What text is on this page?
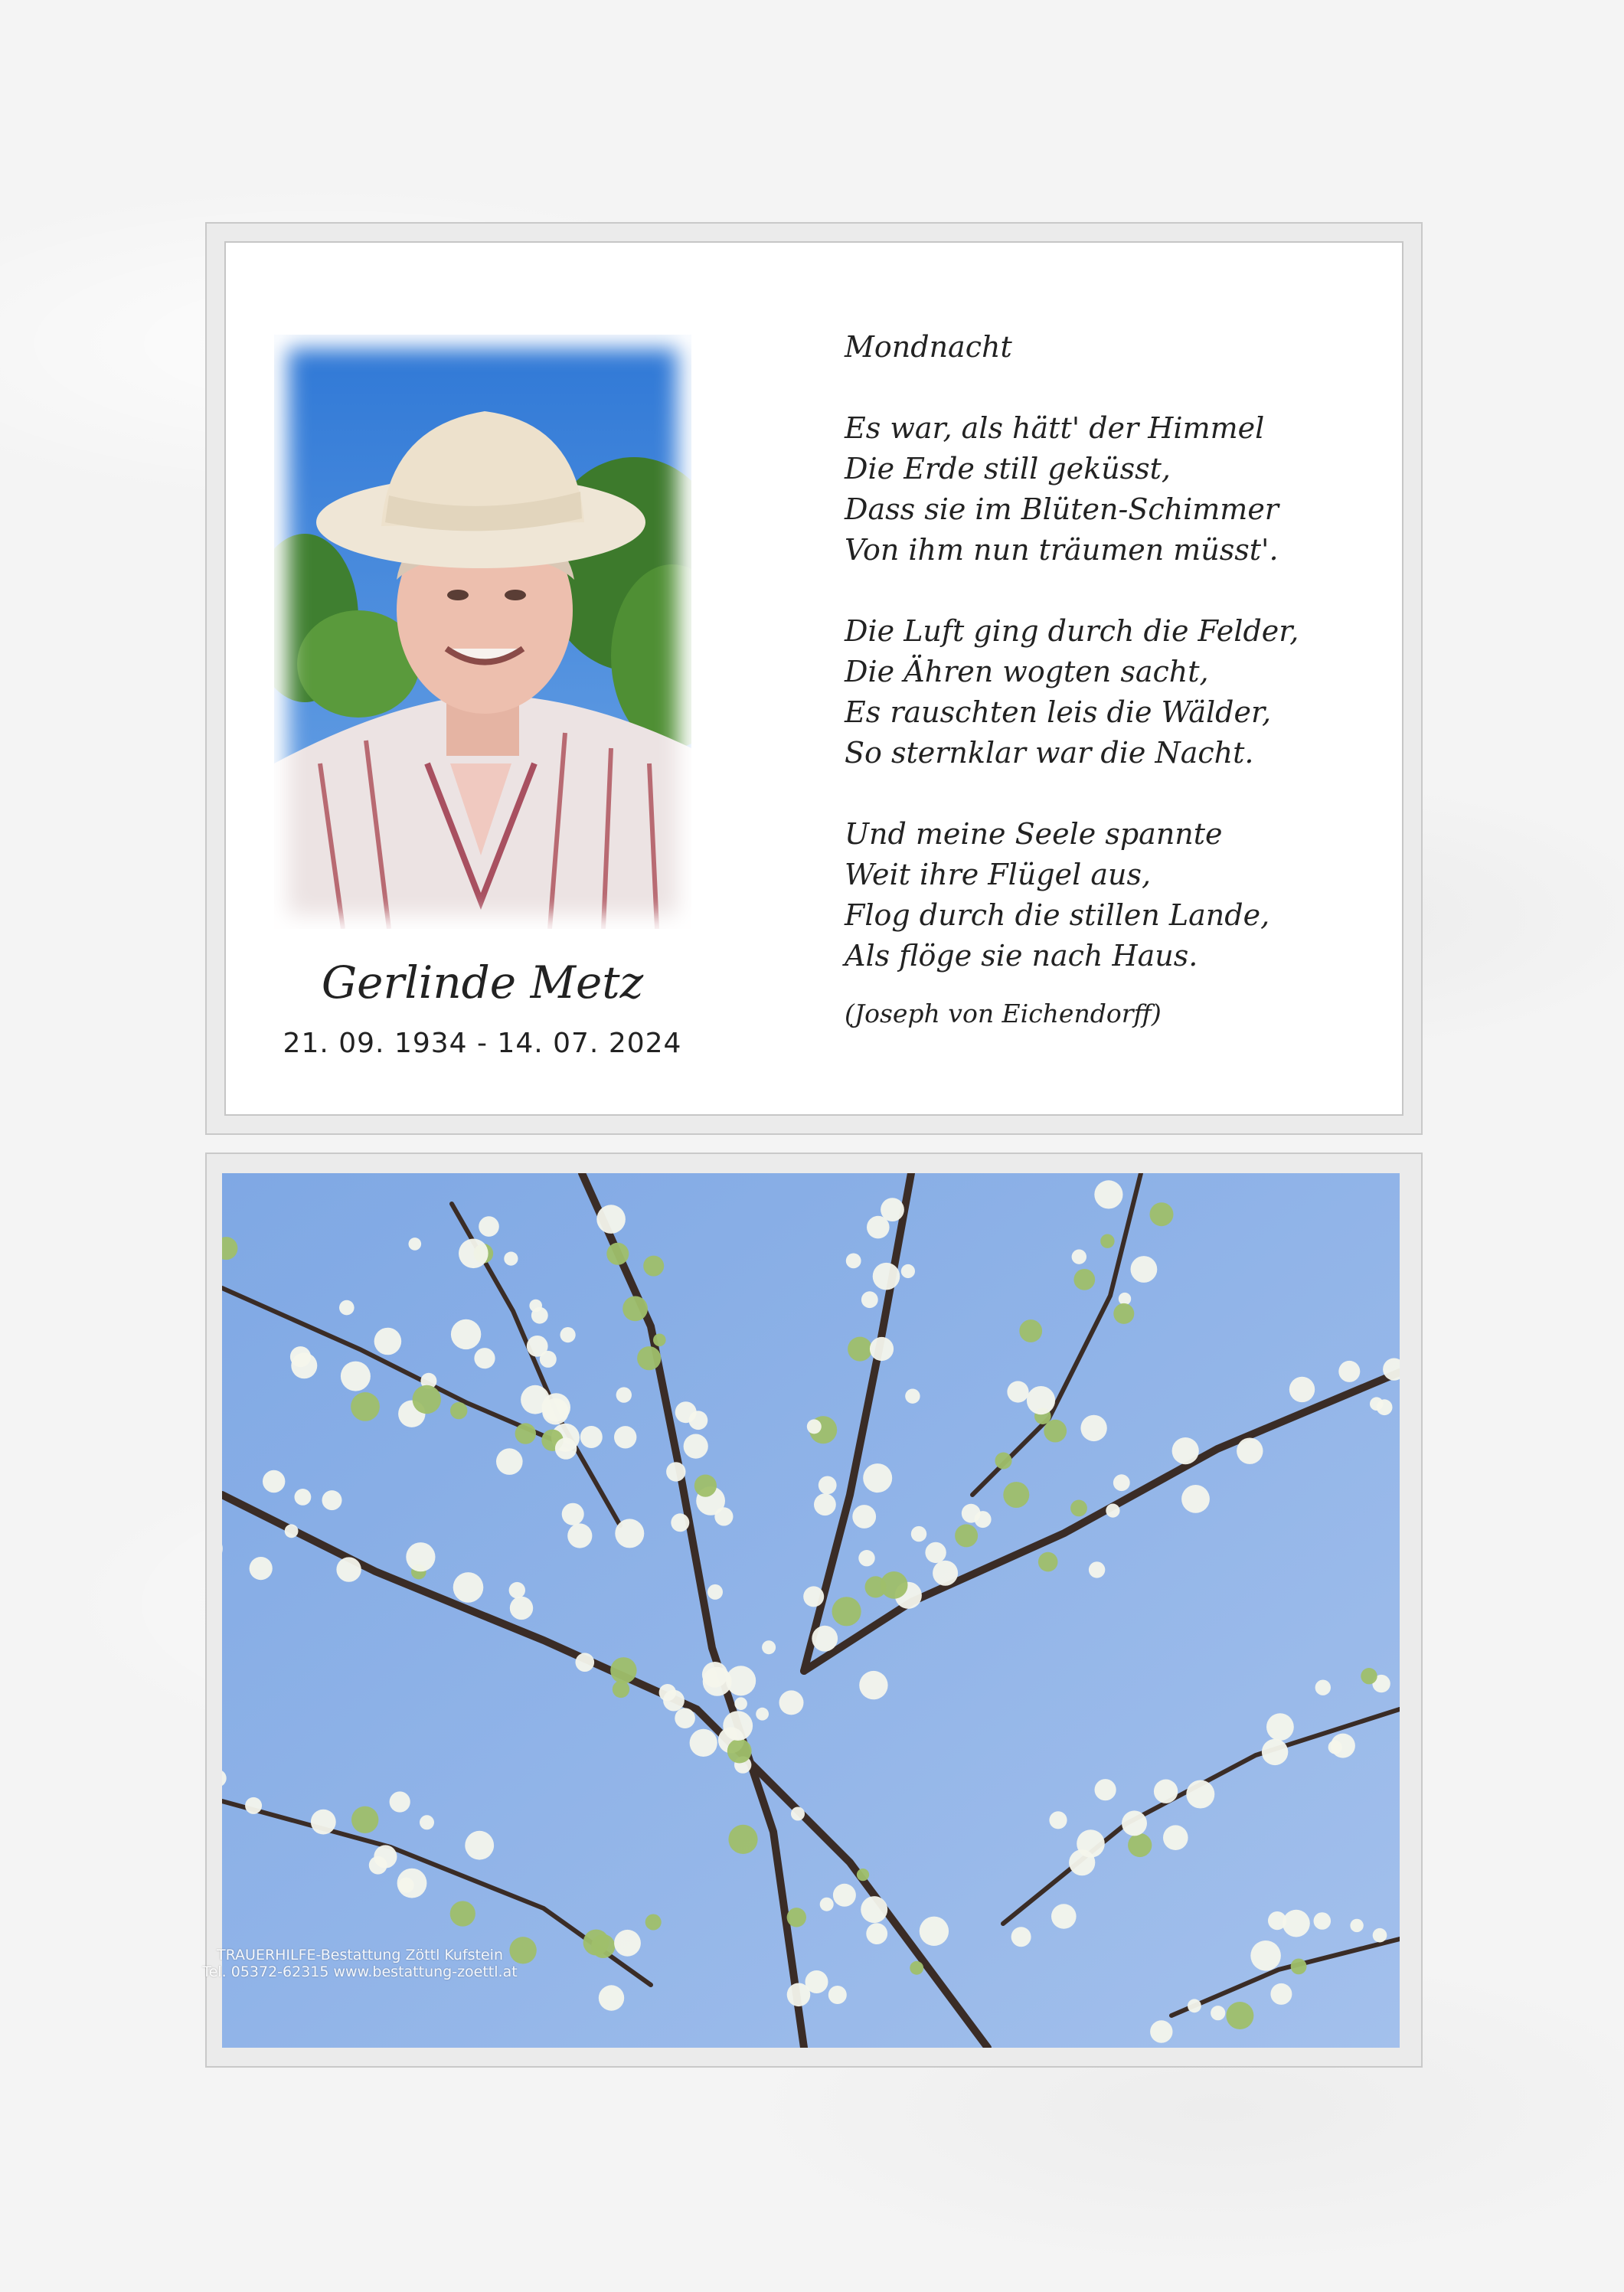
Gerlinde Metz
21. 09. 1934 - 14. 07. 2024
Mondnacht
Es war, als hätt' der Himmel
Die Erde still geküsst,
Dass sie im Blüten-Schimmer
Von ihm nun träumen müsst'.
Die Luft ging durch die Felder,
Die Ähren wogten sacht,
Es rauschten leis die Wälder,
So sternklar war die Nacht.
Und meine Seele spannte
Weit ihre Flügel aus,
Flog durch die stillen Lande,
Als flöge sie nach Haus.
(Joseph von Eichendorff)
TRAUERHILFE-Bestattung Zöttl Kufstein
Tel. 05372-62315 www.bestattung-zoettl.at
